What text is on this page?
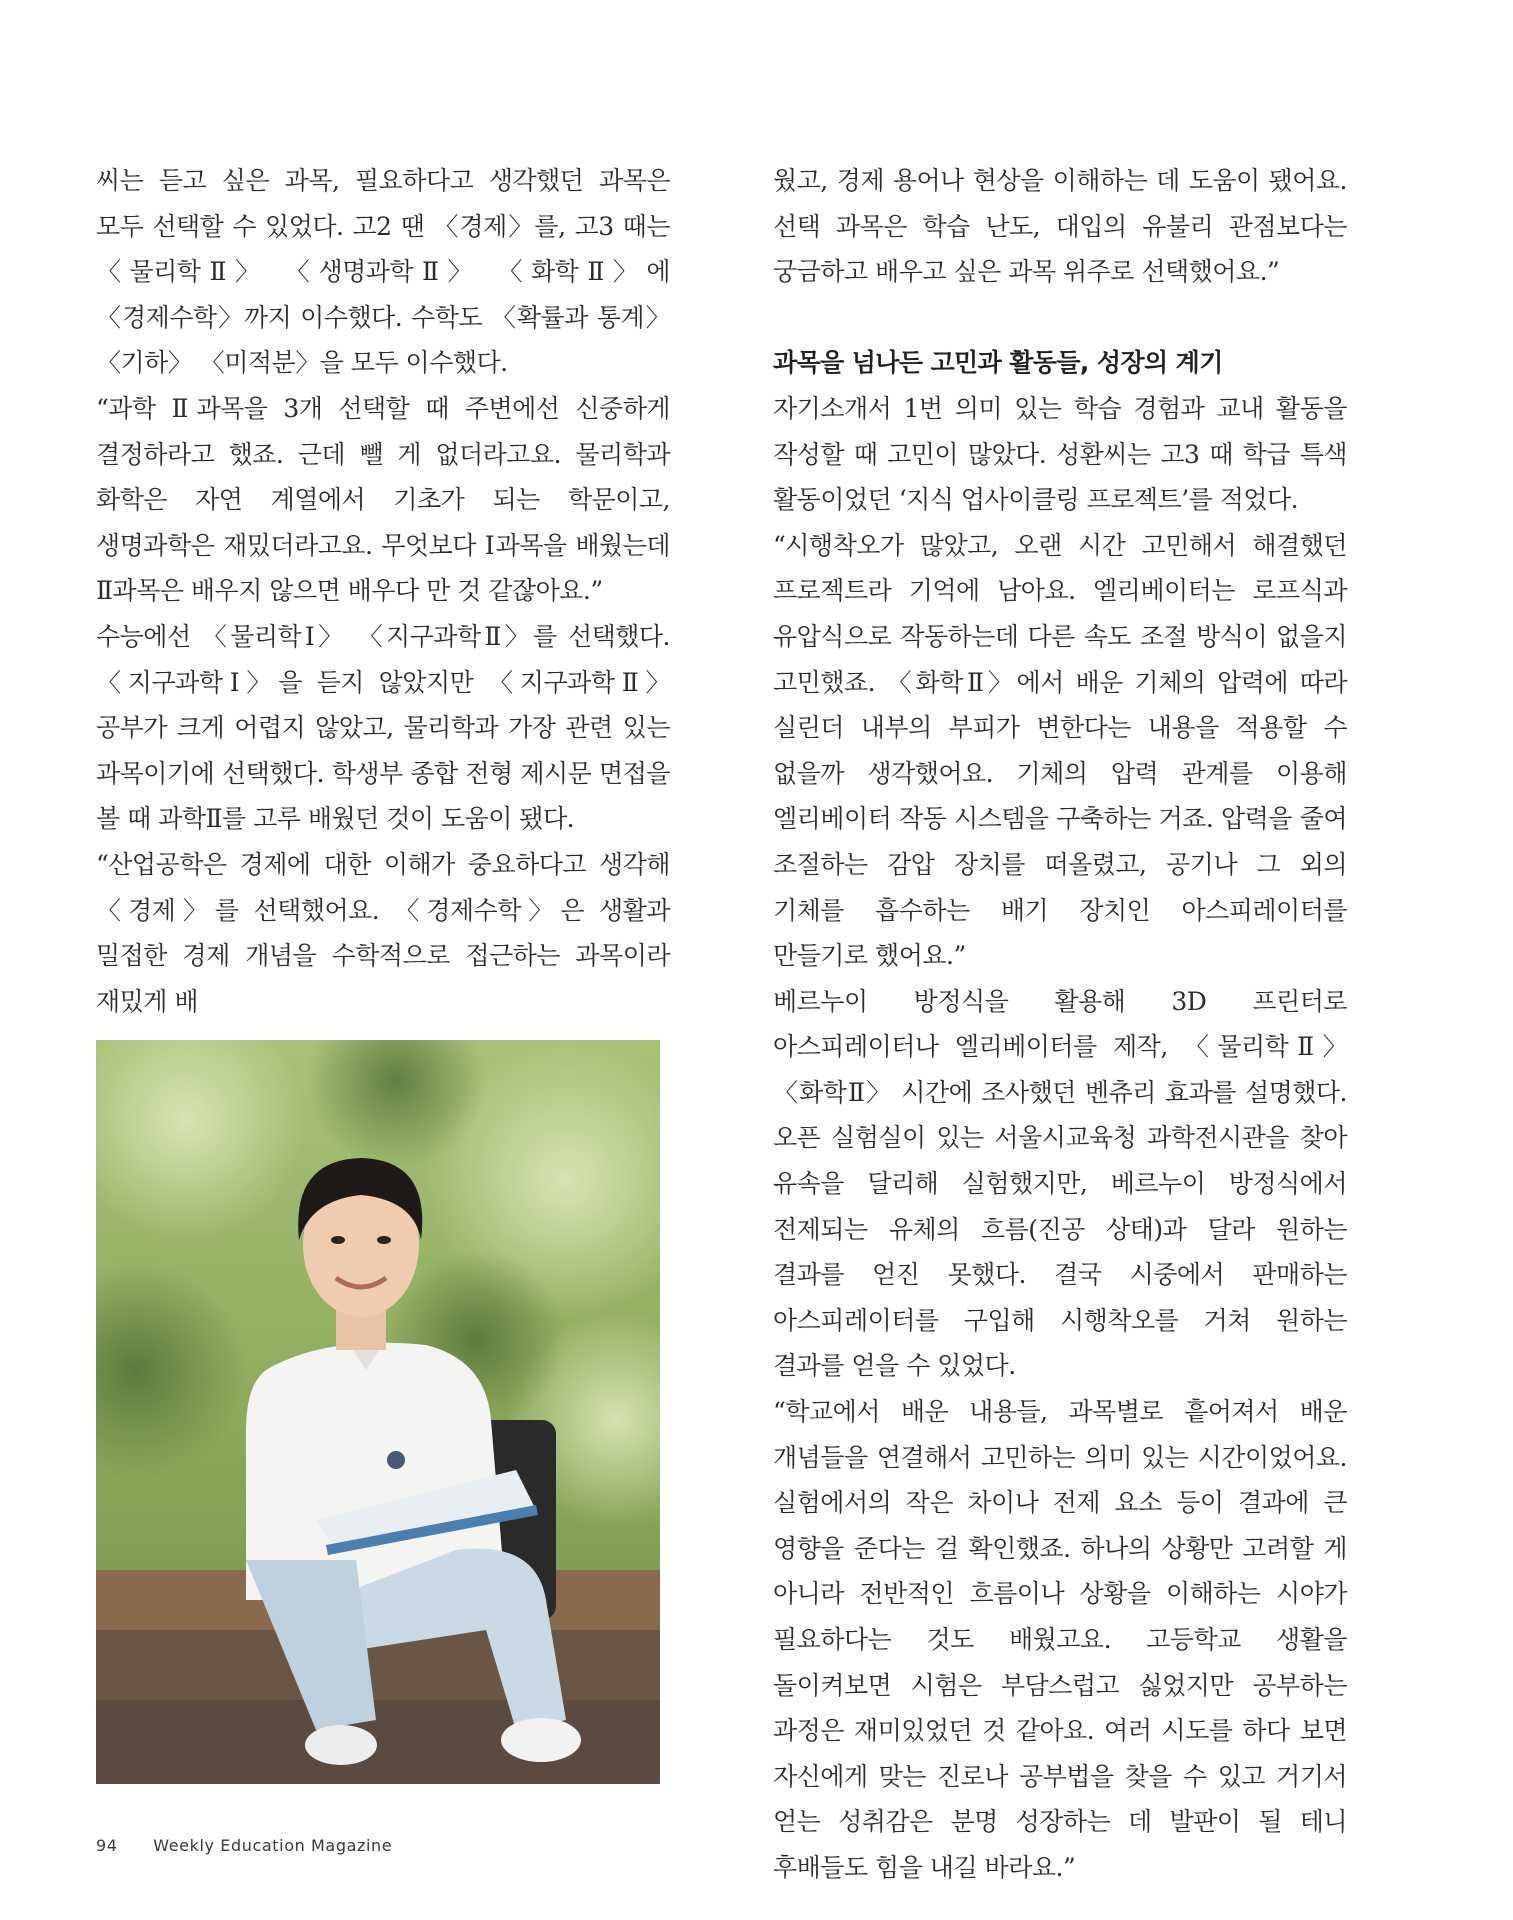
씨는 듣고 싶은 과목, 필요하다고 생각했던 과목은 모두 선택할 수 있었다. 고2 땐 〈경제〉를, 고3 때는 〈물리학Ⅱ〉 〈생명과학Ⅱ〉 〈화학Ⅱ〉에 〈경제수학〉까지 이수했다. 수학도 〈확률과 통계〉 〈기하〉 〈미적분〉을 모두 이수했다.

“과학 Ⅱ과목을 3개 선택할 때 주변에선 신중하게 결정하라고 했죠. 근데 뺄 게 없더라고요. 물리학과 화학은 자연 계열에서 기초가 되는 학문이고, 생명과학은 재밌더라고요. 무엇보다 Ⅰ과목을 배웠는데 Ⅱ과목은 배우지 않으면 배우다 만 것 같잖아요.”

수능에선 〈물리학Ⅰ〉 〈지구과학Ⅱ〉를 선택했다. 〈지구과학Ⅰ〉을 듣지 않았지만 〈지구과학Ⅱ〉 공부가 크게 어렵지 않았고, 물리학과 가장 관련 있는 과목이기에 선택했다. 학생부 종합 전형 제시문 면접을 볼 때 과학Ⅱ를 고루 배웠던 것이 도움이 됐다.

“산업공학은 경제에 대한 이해가 중요하다고 생각해 〈경제〉를 선택했어요. 〈경제수학〉은 생활과 밀접한 경제 개념을 수학적으로 접근하는 과목이라 재밌게 배

웠고, 경제 용어나 현상을 이해하는 데 도움이 됐어요. 선택 과목은 학습 난도, 대입의 유불리 관점보다는 궁금하고 배우고 싶은 과목 위주로 선택했어요.”

과목을 넘나든 고민과 활동들, 성장의 계기

자기소개서 1번 의미 있는 학습 경험과 교내 활동을 작성할 때 고민이 많았다. 성환씨는 고3 때 학급 특색 활동이었던 ‘지식 업사이클링 프로젝트’를 적었다.

“시행착오가 많았고, 오랜 시간 고민해서 해결했던 프로젝트라 기억에 남아요. 엘리베이터는 로프식과 유압식으로 작동하는데 다른 속도 조절 방식이 없을지 고민했죠. 〈화학Ⅱ〉에서 배운 기체의 압력에 따라 실린더 내부의 부피가 변한다는 내용을 적용할 수 없을까 생각했어요. 기체의 압력 관계를 이용해 엘리베이터 작동 시스템을 구축하는 거죠. 압력을 줄여 조절하는 감압 장치를 떠올렸고, 공기나 그 외의 기체를 흡수하는 배기 장치인 아스피레이터를 만들기로 했어요.”

베르누이 방정식을 활용해 3D 프린터로 아스피레이터나 엘리베이터를 제작, 〈물리학Ⅱ〉 〈화학Ⅱ〉 시간에 조사했던 벤츄리 효과를 설명했다. 오픈 실험실이 있는 서울시교육청 과학전시관을 찾아 유속을 달리해 실험했지만, 베르누이 방정식에서 전제되는 유체의 흐름(진공 상태)과 달라 원하는 결과를 얻진 못했다. 결국 시중에서 판매하는 아스피레이터를 구입해 시행착오를 거쳐 원하는 결과를 얻을 수 있었다.

“학교에서 배운 내용들, 과목별로 흩어져서 배운 개념들을 연결해서 고민하는 의미 있는 시간이었어요. 실험에서의 작은 차이나 전제 요소 등이 결과에 큰 영향을 준다는 걸 확인했죠. 하나의 상황만 고려할 게 아니라 전반적인 흐름이나 상황을 이해하는 시야가 필요하다는 것도 배웠고요. 고등학교 생활을 돌이켜보면 시험은 부담스럽고 싫었지만 공부하는 과정은 재미있었던 것 같아요. 여러 시도를 하다 보면 자신에게 맞는 진로나 공부법을 찾을 수 있고 거기서 얻는 성취감은 분명 성장하는 데 발판이 될 테니 후배들도 힘을 내길 바라요.”

94 Weekly Education Magazine
